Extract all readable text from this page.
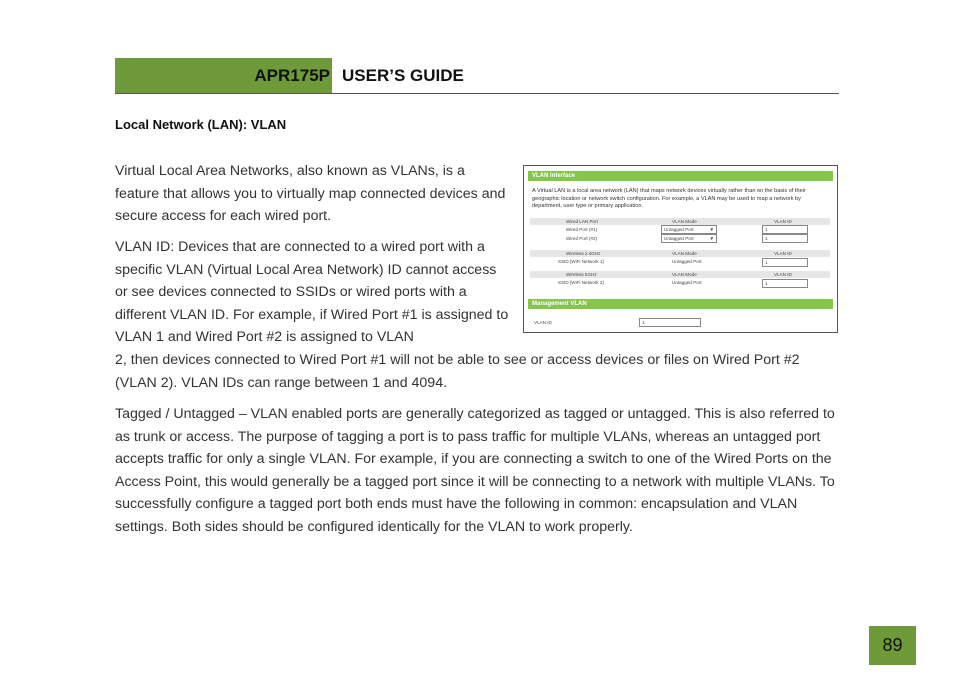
APR175P USER’S GUIDE
Local Network (LAN): VLAN

Virtual Local Area Networks, also known as VLANs, is a feature that allows you to virtually map connected devices and secure access for each wired port.

VLAN ID: Devices that are connected to a wired port with a specific VLAN (Virtual Local Area Network) ID cannot access or see devices connected to SSIDs or wired ports with a different VLAN ID. For example, if Wired Port #1 is assigned to VLAN 1 and Wired Port #2 is assigned to VLAN

2, then devices connected to Wired Port #1 will not be able to see or access devices or files on Wired Port #2 (VLAN 2). VLAN IDs can range between 1 and 4094.

Tagged / Untagged – VLAN enabled ports are generally categorized as tagged or untagged. This is also referred to as trunk or access. The purpose of tagging a port is to pass traffic for multiple VLANs, whereas an untagged port accepts traffic for only a single VLAN. For example, if you are connecting a switch to one of the Wired Ports on the Access Point, this would generally be a tagged port since it will be connecting to a network with multiple VLANs. To successfully configure a tagged port both ends must have the following in common: encapsulation and VLAN settings. Both sides should be configured identically for the VLAN to work properly.

VLAN Interface
A Virtual LAN is a local area network (LAN) that maps network devices virtually rather than on the basis of their geographic location or network switch configuration. For example, a VLAN may be used to map a network by department, user type or primary application.
Wired LAN Port	VLAN Mode	VLAN ID
Wired Port (#1)	Untagged Port	▼	1
Wired Port (#2)	Untagged Port	▼	1
Wireless 2.4GHz	VLAN Mode	VLAN ID
SSID [WiFi Network 1]	Untagged Port	1
Wireless 5GHz	VLAN Mode	VLAN ID
SSID [WiFi Network 2]	Untagged Port	1
Management VLAN
VLAN ID	1
89
